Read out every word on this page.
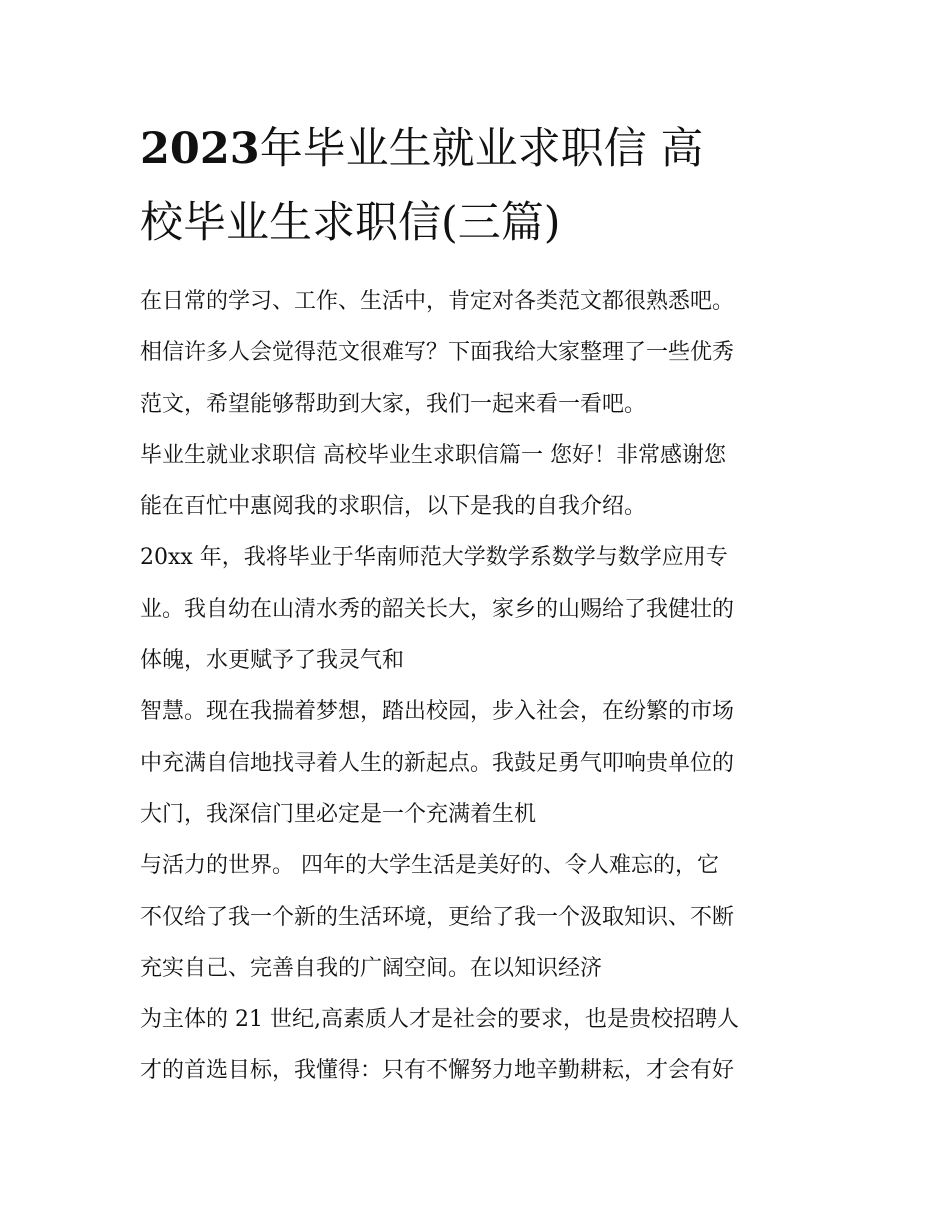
2023年毕业生就业求职信 高
校毕业生求职信(三篇)
在日常的学习、工作、生活中，肯定对各类范文都很熟悉吧。
相信许多人会觉得范文很难写？下面我给大家整理了一些优秀
范文，希望能够帮助到大家，我们一起来看一看吧。
毕业生就业求职信 高校毕业生求职信篇一 您好！非常感谢您
能在百忙中惠阅我的求职信，以下是我的自我介绍。
20xx 年，我将毕业于华南师范大学数学系数学与数学应用专
业。我自幼在山清水秀的韶关长大，家乡的山赐给了我健壮的
体魄，水更赋予了我灵气和
智慧。现在我揣着梦想，踏出校园，步入社会，在纷繁的市场
中充满自信地找寻着人生的新起点。我鼓足勇气叩响贵单位的
大门，我深信门里必定是一个充满着生机
与活力的世界。 四年的大学生活是美好的、令人难忘的，它
不仅给了我一个新的生活环境，更给了我一个汲取知识、不断
充实自己、完善自我的广阔空间。在以知识经济
为主体的 21 世纪,高素质人才是社会的要求，也是贵校招聘人
才的首选目标，我懂得：只有不懈努力地辛勤耕耘，才会有好
